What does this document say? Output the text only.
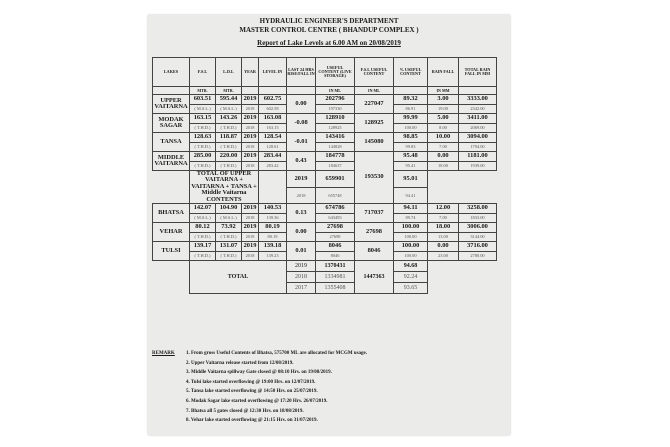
HYDRAULIC ENGINEER'S DEPARTMENT
MASTER CONTROL CENTRE ( BHANDUP COMPLEX )
Report of Lake Levels at 6.00 AM on 20/08/2019
LAKES	F.S.L	L.D.L	YEAR	LEVEL IN	LAST 24 HRS RISE/FALL IN	USEFUL CONTENT (LIVE STORAGE)	F.S.L USEFUL CONTENT	% USEFUL CONTENT	RAIN FALL	TOTAL RAIN FALL IN MM
	MTR.	MTR.				IN ML	IN ML		IN MM	
UPPER VAITARNA	603.51	595.44	2019	602.75	0.00	202796	227047	89.32	3.00	3333.00
	( M.S.L.)	( M.S.L.)	2018	602.58		197330		86.91	19.00	2342.00
MODAK SAGAR	163.15	143.26	2019	163.08	-0.08	128910	128925	99.99	5.00	3411.00
	( T.H.D.)	( T.H.D.)	2018	163.15		128925		100.00	8.00	2069.00
TANSA	128.63	118.87	2019	128.54	-0.01	143416	145080	98.85	10.00	3094.00
	( T.H.D.)	( T.H.D.)	2018	128.61		144828		99.83	7.00	1794.00
MIDDLE VAITARNA	285.00	220.00	2019	283.44	0.43	184778	193530	95.48	0.00	1181.00
	( T.H.D.)	( T.H.D.)	2018	283.42		184637		95.41	18.00	1939.00
	TOTAL OF UPPER VAITARNA + VAITARNA + TANSA + Middle Vaitarna CONTENTS				2019	659901		95.01		
					2018	655748		94.41		
BHATSA	142.07	104.90	2019	140.53	0.13	674786	717037	94.11	12.00	3258.00
	( M.S.L.)	( M.S.L.)	2018	139.36		643493		89.74	7.00	1833.00
VEHAR	80.12	73.92	2019	80.19	0.00	27698	27698	100.00	18.00	3006.00
	( T.H.D.)	( T.H.D.)	2018	80.19		27698		100.00	13.00	3144.00
TULSI	139.17	131.07	2019	139.18	0.01	8046	8046	100.00	0.00	3716.00
	( T.H.D.)	( T.H.D.)	2018	139.23		8046		100.00	23.00	2780.00
	TOTAL				2019	1370431	1447363	94.68		
					2018	1334981		92.24		
					2017	1355408		93.65		
REMARK 1. From gross Useful Contents of Bhatsa, 575700 ML are allocated for MCGM usage.
2. Upper Vaitarna release started from 12/08/2019.
3. Middle Vaitarna spillway Gate closed @ 08:10 Hrs. on 19/08/2019.
4. Tulsi lake started overflowing @ 19:00 Hrs. on 12/07/2019.
5. Tansa lake started overflowing @ 14:50 Hrs. on 25/07/2019.
6. Modak Sagar lake started overflowing @ 17:20 Hrs. 26/07/2019.
7. Bhatsa all 5 gates closed @ 12:30 Hrs. on 18/08/2019.
8. Vehar lake started overflowing @ 21:15 Hrs. on 31/07/2019.
